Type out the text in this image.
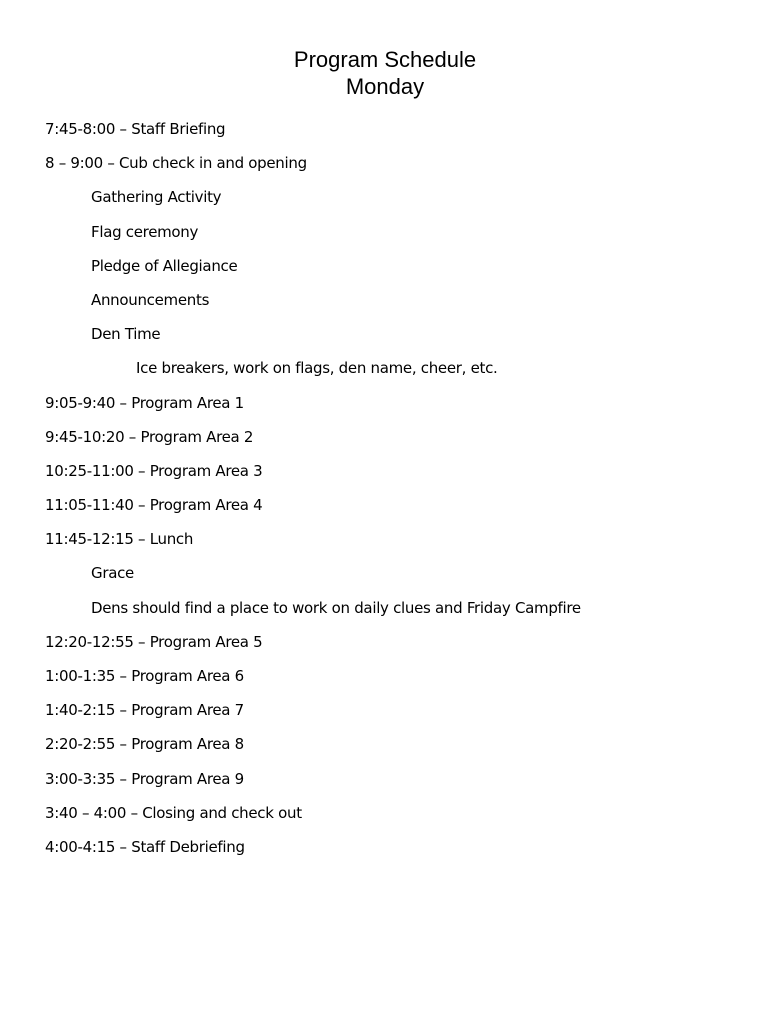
Program Schedule
Monday
7:45-8:00 – Staff Briefing
8 – 9:00 – Cub check in and opening
Gathering Activity
Flag ceremony
Pledge of Allegiance
Announcements
Den Time
Ice breakers, work on flags, den name, cheer, etc.
9:05-9:40 – Program Area 1
9:45-10:20 – Program Area 2
10:25-11:00 – Program Area 3
11:05-11:40 – Program Area 4
11:45-12:15 – Lunch
Grace
Dens should find a place to work on daily clues and Friday Campfire
12:20-12:55 – Program Area 5
1:00-1:35 – Program Area 6
1:40-2:15 – Program Area 7
2:20-2:55 – Program Area 8
3:00-3:35 – Program Area 9
3:40 – 4:00 – Closing and check out
4:00-4:15 – Staff Debriefing
